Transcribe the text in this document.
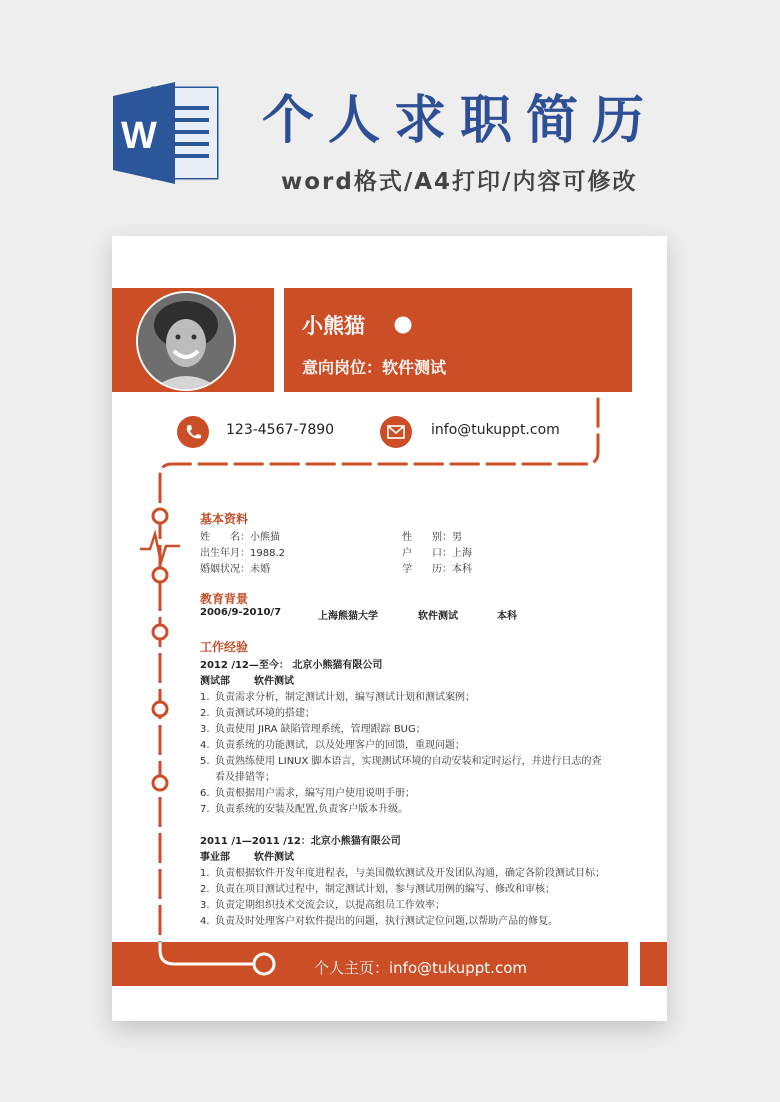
W 个人求职简历
word格式/A4打印/内容可修改
小熊猫
意向岗位：软件测试
123-4567-7890	info@tukuppt.com
基本资料
姓　　名：小熊猫	性　　别：男
出生年月：1988.2	户　　口：上海
婚姻状况：未婚	学　　历：本科
教育背景
2006/9-2010/7	上海熊猫大学	软件测试	本科
工作经验
2012 /12—至今： 北京小熊猫有限公司
测试部 软件测试
1. 负责需求分析，制定测试计划，编写测试计划和测试案例；
2. 负责测试环境的搭建；
3. 负责使用 JIRA 缺陷管理系统，管理跟踪 BUG；
4. 负责系统的功能测试，以及处理客户的回馈，重现问题；
5. 负责熟练使用 LINUX 脚本语言，实现测试环境的自动安装和定时运行，并进行日志的查
看及排错等；
6. 负责根据用户需求，编写用户使用说明手册；
7. 负责系统的安装及配置,负责客户版本升级。
2011 /1—2011 /12：北京小熊猫有限公司
事业部 软件测试
1．负责根据软件开发年度进程表，与美国微软测试及开发团队沟通，确定各阶段测试目标；
2．负责在项目测试过程中，制定测试计划，参与测试用例的编写、修改和审核；
3．负责定期组织技术交流会议，以提高组员工作效率；
4．负责及时处理客户对软件提出的问题，执行测试定位问题,以帮助产品的修复。
个人主页：info@tukuppt.com
